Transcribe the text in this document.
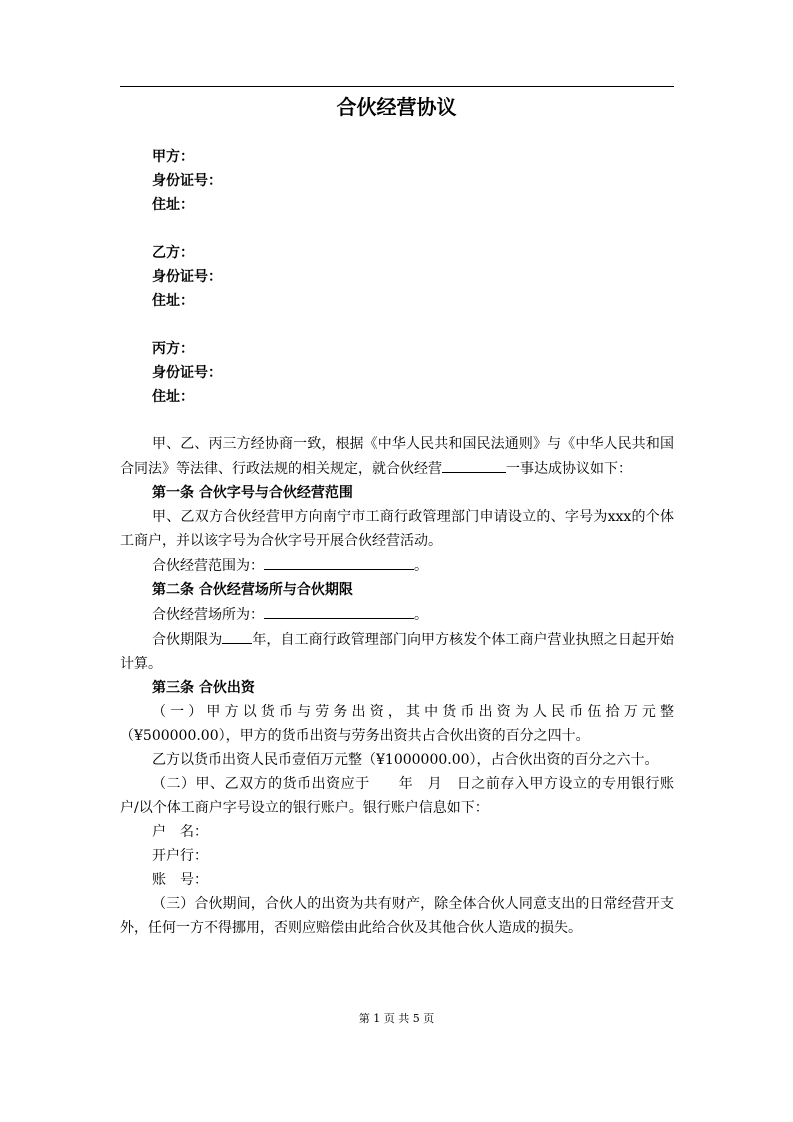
合伙经营协议
甲方：
身份证号：
住址：
乙方：
身份证号：
住址：
丙方：
身份证号：
住址：

甲、乙、丙三方经协商一致，根据《中华人民共和国民法通则》与《中华人民共和国合同法》等法律、行政法规的相关规定，就合伙经营	一事达成协议如下：

第一条 合伙字号与合伙经营范围

甲、乙双方合伙经营甲方向南宁市工商行政管理部门申请设立的、字号为xxx的个体工商户，并以该字号为合伙字号开展合伙经营活动。

合伙经营范围为：	。

第二条 合伙经营场所与合伙期限

合伙经营场所为：	。

合伙期限为 年，自工商行政管理部门向甲方核发个体工商户营业执照之日起开始计算。

第三条 合伙出资

（一）甲方以货币与劳务出资，其中货币出资为人民币伍拾万元整（¥500000.00），甲方的货币出资与劳务出资共占合伙出资的百分之四十。

乙方以货币出资人民币壹佰万元整（¥1000000.00），占合伙出资的百分之六十。

（二）甲、乙双方的货币出资应于　　年　月　日之前存入甲方设立的专用银行账户/以个体工商户字号设立的银行账户。银行账户信息如下：

户　名：

开户行：

账　号：

（三）合伙期间，合伙人的出资为共有财产，除全体合伙人同意支出的日常经营开支外，任何一方不得挪用，否则应赔偿由此给合伙及其他合伙人造成的损失。

第 1 页 共 5 页
